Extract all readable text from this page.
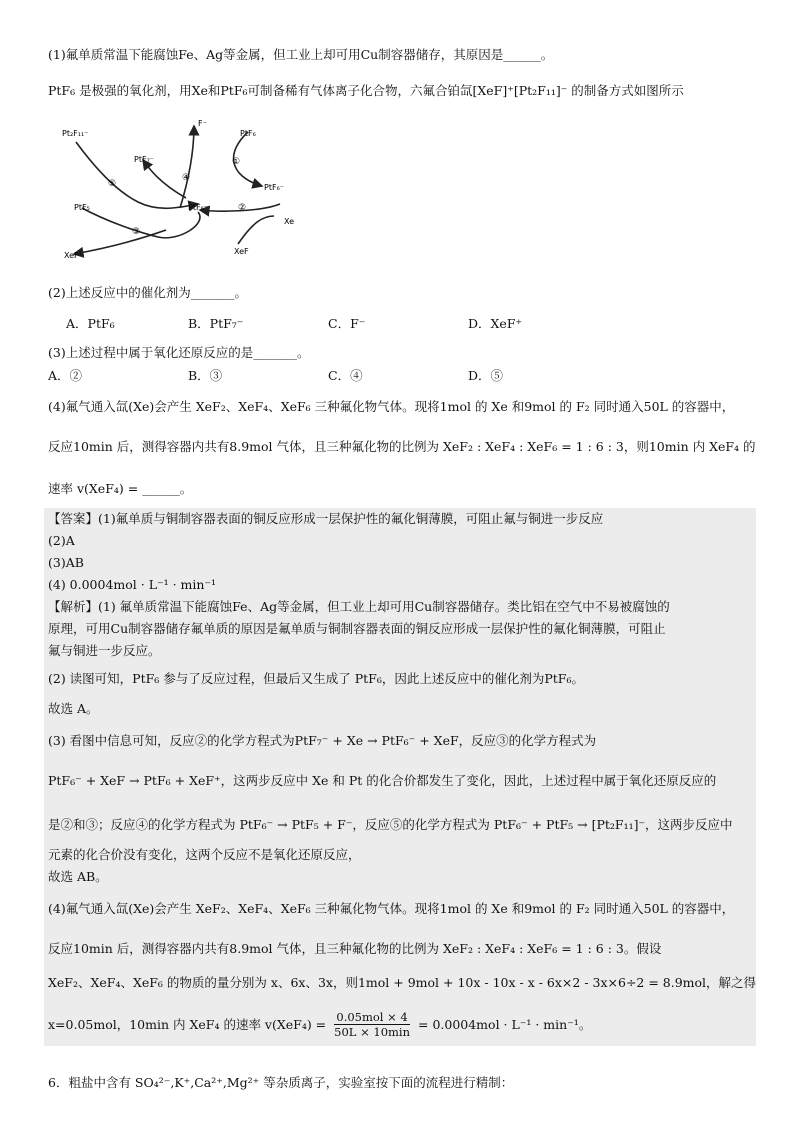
(1)氟单质常温下能腐蚀Fe、Ag等金属，但工业上却可用Cu制容器储存，其原因是______。
PtF₆ 是极强的氧化剂，用Xe和PtF₆可制备稀有气体离子化合物，六氟合铂氙[XeF]⁺[Pt₂F₁₁]⁻ 的制备方式如图所示
Pt₂F₁₁⁻
F⁻
PtF₆
PtF₇⁻
PtF₆⁻
PtF₅	PtF₆⁻
Xe
XeF⁺	XeF
①
②
③
④
⑤
(2)上述反应中的催化剂为_______。
A．PtF₆	B．PtF₇⁻	C．F⁻	D．XeF⁺
(3)上述过程中属于氧化还原反应的是_______。
A．②	B．③	C．④	D．⑤
(4)氟气通入氙(Xe)会产生 XeF₂、XeF₄、XeF₆ 三种氟化物气体。现将1mol 的 Xe 和9mol 的 F₂ 同时通入50L 的容器中，
反应10min 后，测得容器内共有8.9mol 气体，且三种氟化物的比例为 XeF₂ : XeF₄ : XeF₆ = 1 : 6 : 3，则10min 内 XeF₄ 的
速率 v(XeF₄) = ______。
【答案】(1)氟单质与铜制容器表面的铜反应形成一层保护性的氟化铜薄膜，可阻止氟与铜进一步反应
(2)A
(3)AB
(4) 0.0004mol · L⁻¹ · min⁻¹
【解析】(1) 氟单质常温下能腐蚀Fe、Ag等金属，但工业上却可用Cu制容器储存。类比铝在空气中不易被腐蚀的
原理，可用Cu制容器储存氟单质的原因是氟单质与铜制容器表面的铜反应形成一层保护性的氟化铜薄膜，可阻止
氟与铜进一步反应。
(2) 读图可知，PtF₆ 参与了反应过程，但最后又生成了 PtF₆，因此上述反应中的催化剂为PtF₆。
故选 A。
(3) 看图中信息可知，反应②的化学方程式为PtF₇⁻ + Xe → PtF₆⁻ + XeF，反应③的化学方程式为
PtF₆⁻ + XeF → PtF₆ + XeF⁺，这两步反应中 Xe 和 Pt 的化合价都发生了变化，因此，上述过程中属于氧化还原反应的
是②和③；反应④的化学方程式为 PtF₆⁻ → PtF₅ + F⁻，反应⑤的化学方程式为 PtF₆⁻ + PtF₅ → [Pt₂F₁₁]⁻，这两步反应中
元素的化合价没有变化，这两个反应不是氧化还原反应，
故选 AB。
(4)氟气通入氙(Xe)会产生 XeF₂、XeF₄、XeF₆ 三种氟化物气体。现将1mol 的 Xe 和9mol 的 F₂ 同时通入50L 的容器中，
反应10min 后，测得容器内共有8.9mol 气体，且三种氟化物的比例为 XeF₂ : XeF₄ : XeF₆ = 1 : 6 : 3。假设
XeF₂、XeF₄、XeF₆ 的物质的量分别为 x、6x、3x，则1mol + 9mol + 10x - 10x - x - 6x×2 - 3x×6÷2 = 8.9mol，解之得
x=0.05mol，10min 内 XeF₄ 的速率 v(XeF₄) = 0.05mol × 4
50L × 10min
= 0.0004mol · L⁻¹ · min⁻¹。
6．粗盐中含有 SO₄²⁻,K⁺,Ca²⁺,Mg²⁺ 等杂质离子，实验室按下面的流程进行精制：
